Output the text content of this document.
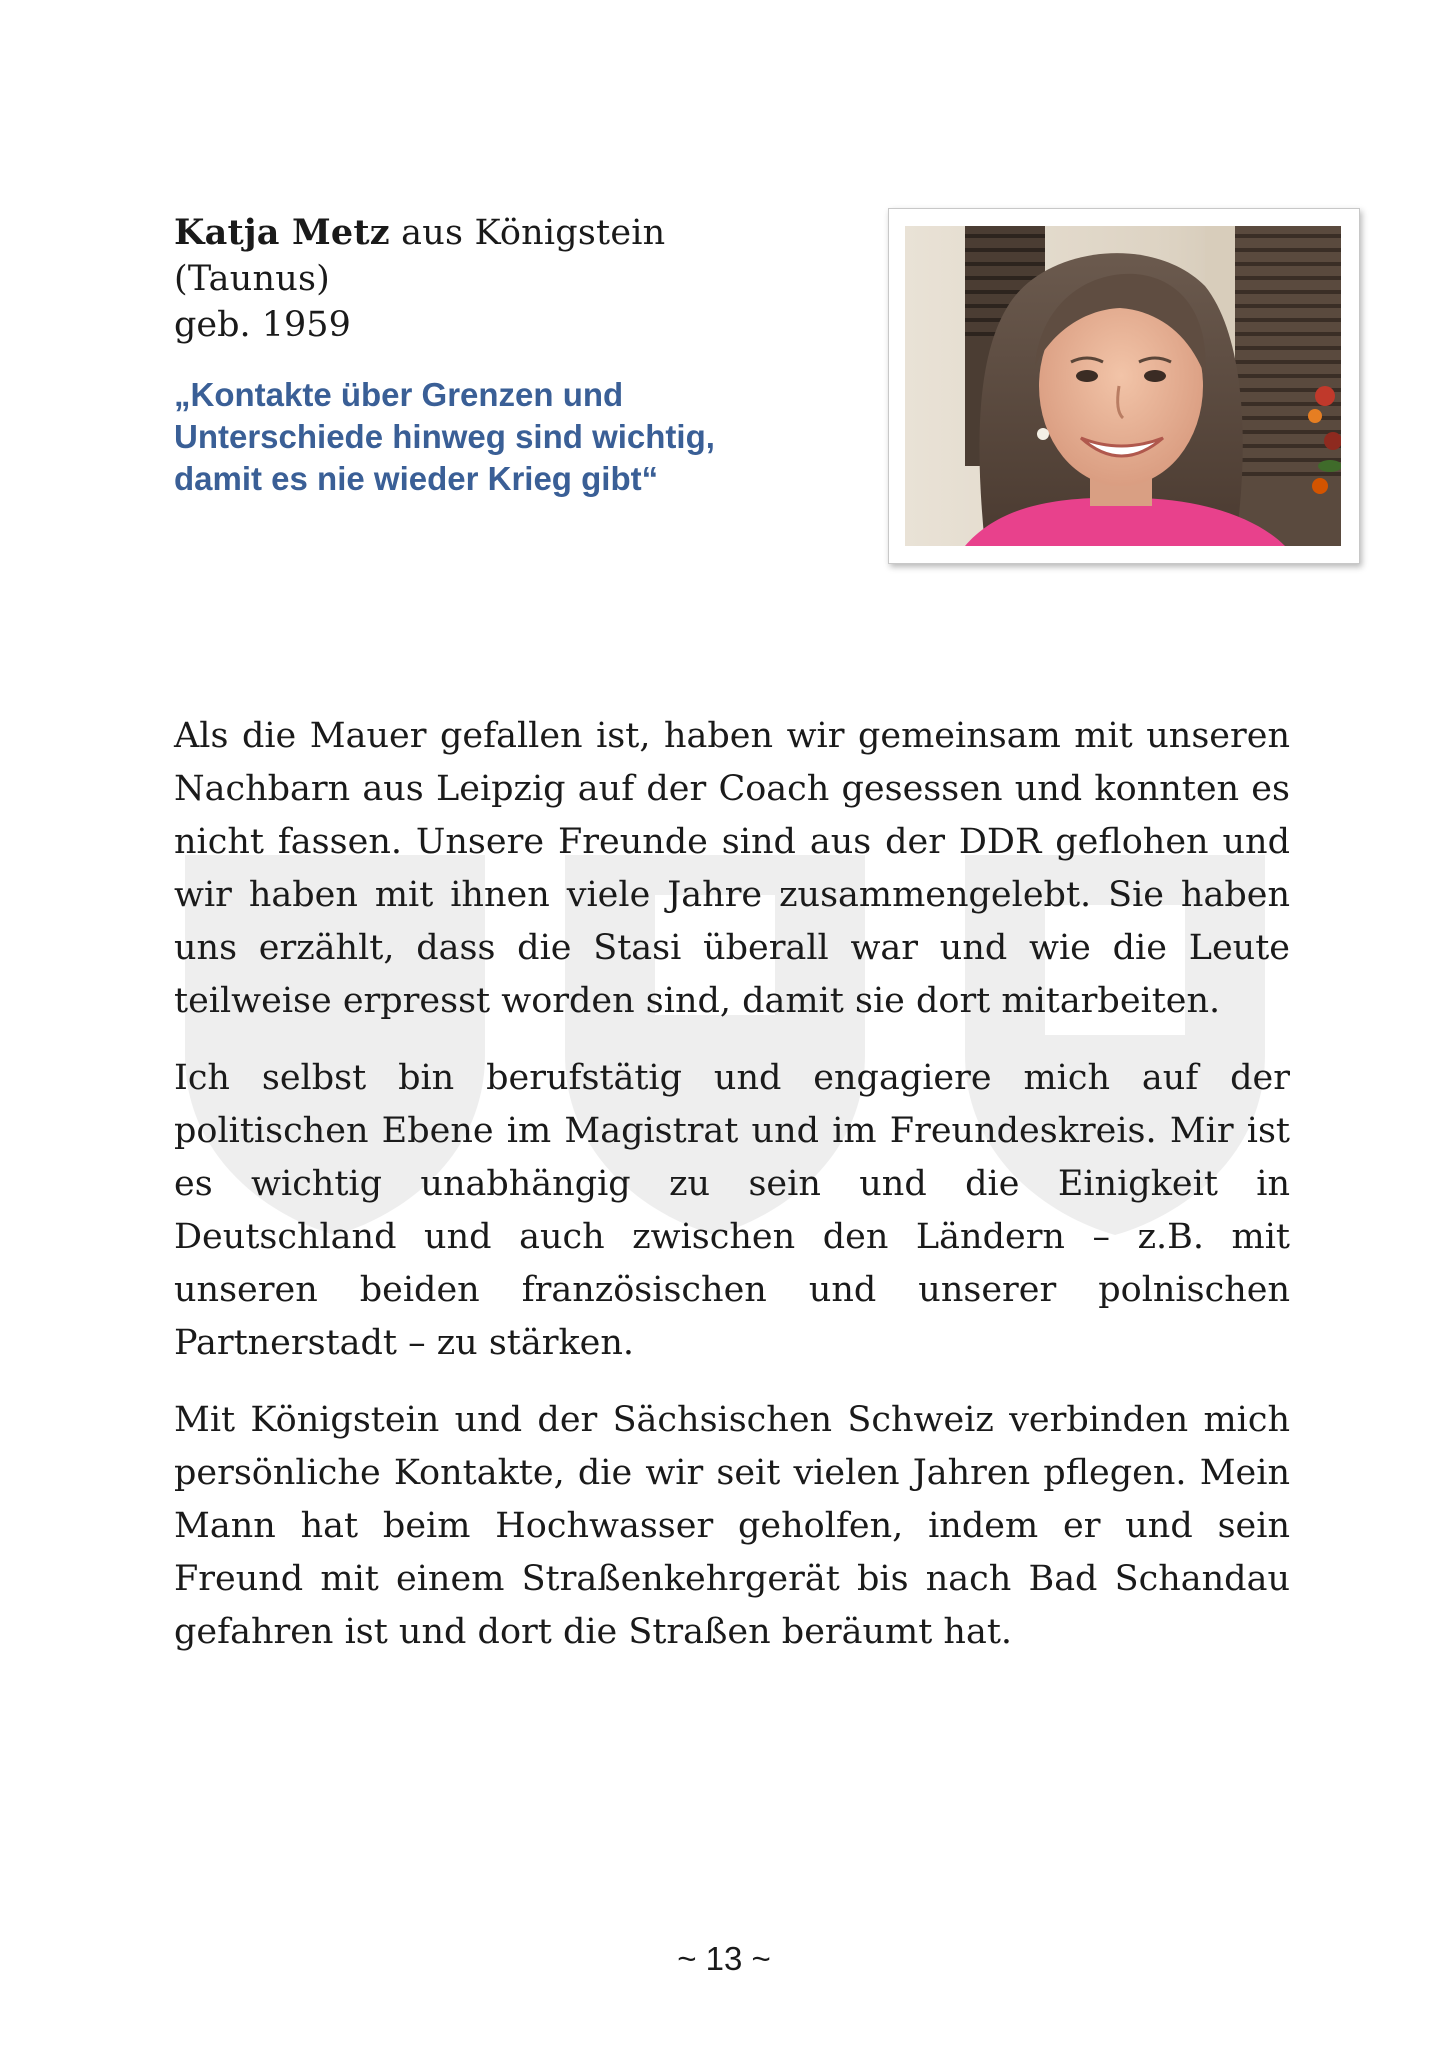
Katja Metz aus Königstein (Taunus)
geb. 1959
„Kontakte über Grenzen und
Unterschiede hinweg sind wichtig,
damit es nie wieder Krieg gibt“

Als die Mauer gefallen ist, haben wir gemeinsam mit unseren Nachbarn aus Leipzig auf der Coach gesessen und konnten es nicht fassen. Unsere Freunde sind aus der DDR geflohen und wir haben mit ihnen viele Jahre zusammengelebt. Sie haben uns erzählt, dass die Stasi überall war und wie die Leute teilweise erpresst worden sind, damit sie dort mitarbeiten.

Ich selbst bin berufstätig und engagiere mich auf der politischen Ebene im Magistrat und im Freundeskreis. Mir ist es wichtig unabhängig zu sein und die Einigkeit in Deutschland und auch zwischen den Ländern – z.B. mit unseren beiden französischen und unserer polnischen Partnerstadt – zu stärken.

Mit Königstein und der Sächsischen Schweiz verbinden mich persönliche Kontakte, die wir seit vielen Jahren pflegen. Mein Mann hat beim Hochwasser geholfen, indem er und sein Freund mit einem Straßenkehrgerät bis nach Bad Schandau gefahren ist und dort die Straßen beräumt hat.

~ 13 ~
